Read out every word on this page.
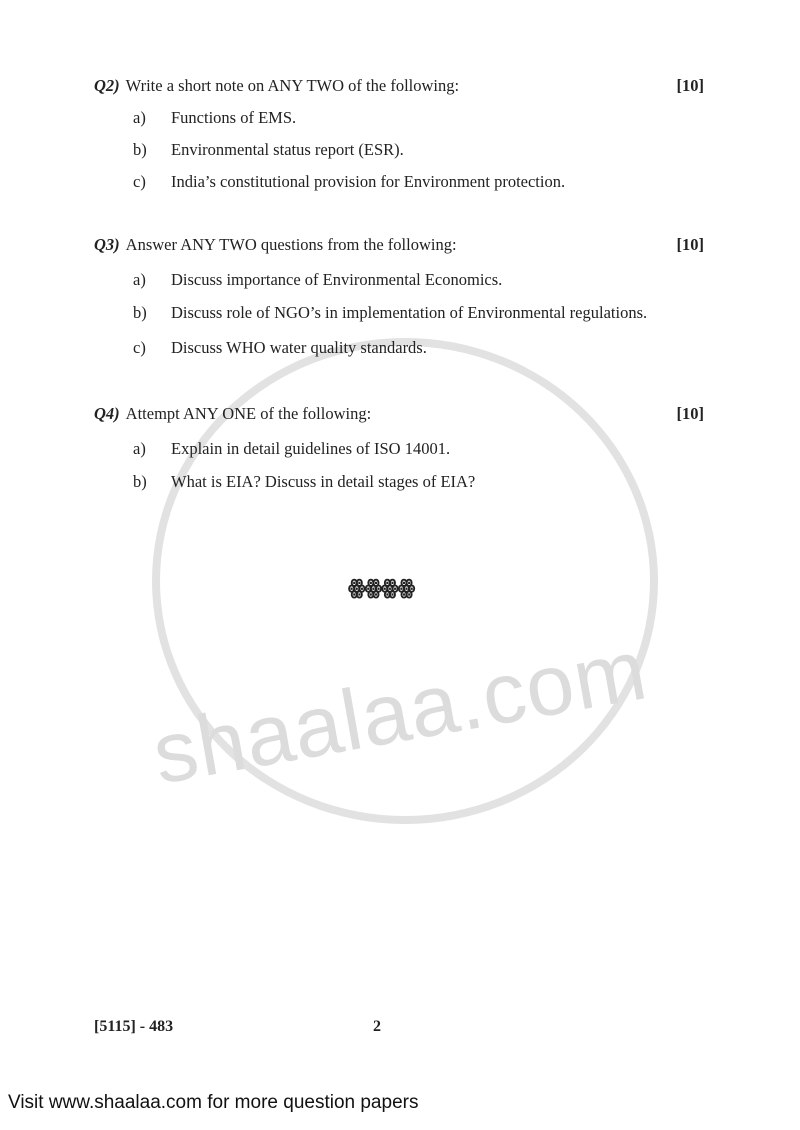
shaalaa.com
Q2) Write a short note on ANY TWO of the following:	[10]
a) Functions of EMS.
b) Environmental status report (ESR).
c) India’s constitutional provision for Environment protection.
Q3) Answer ANY TWO questions from the following:	[10]
a) Discuss importance of Environmental Economics.
b) Discuss role of NGO’s in implementation of Environmental regulations.
c) Discuss WHO water quality standards.
Q4) Attempt ANY ONE of the following:	[10]
a) Explain in detail guidelines of ISO 14001.
b) What is EIA? Discuss in detail stages of EIA?
ꙮꙮꙮꙮ
[5115] - 483	2
Visit www.shaalaa.com for more question papers
